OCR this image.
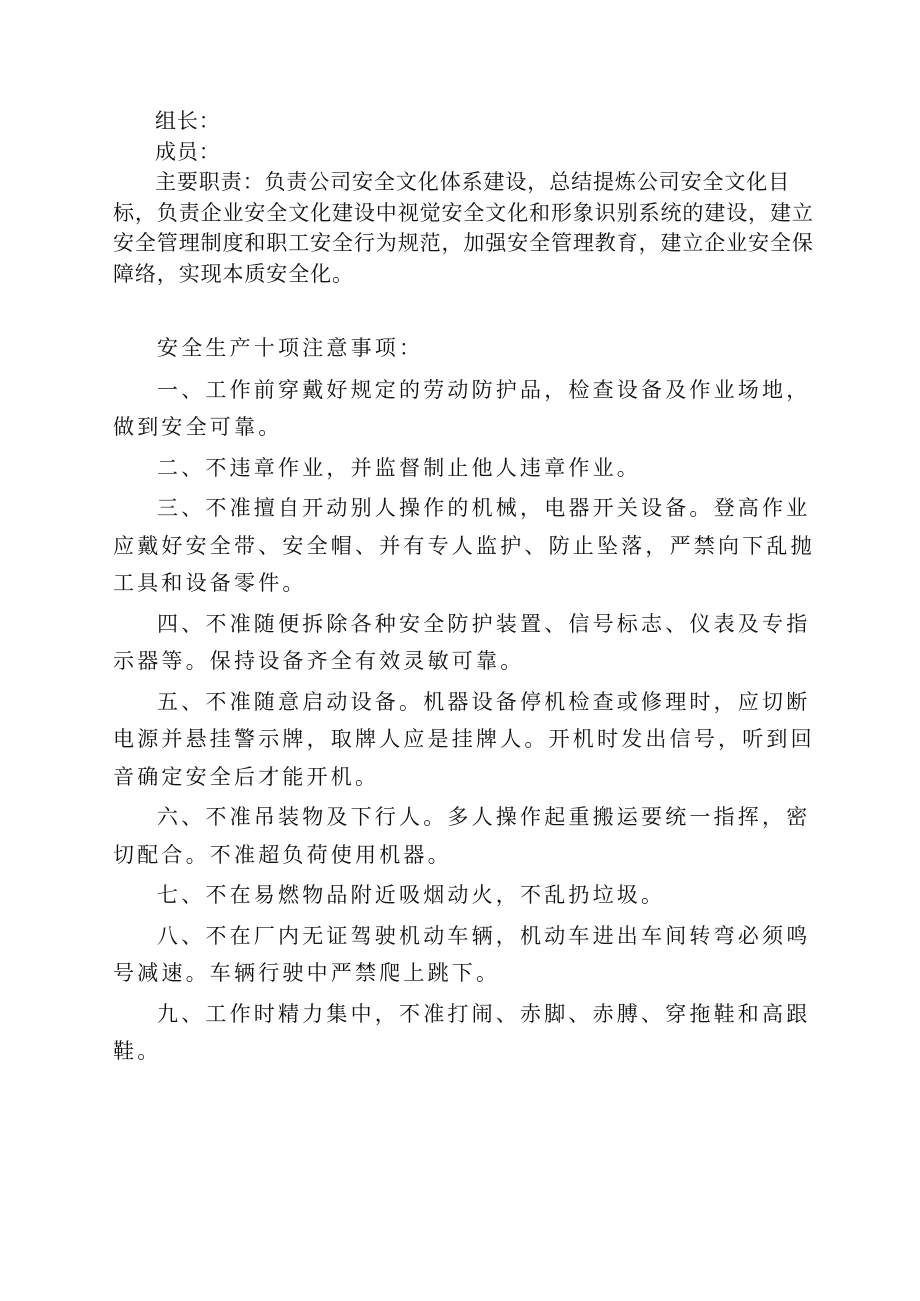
组长：
成员：

主要职责：负责公司安全文化体系建设，总结提炼公司安全文化目标，负责企业安全文化建设中视觉安全文化和形象识别系统的建设，建立安全管理制度和职工安全行为规范，加强安全管理教育，建立企业安全保障络，实现本质安全化。

安全生产十项注意事项：

一、工作前穿戴好规定的劳动防护品，检查设备及作业场地，做到安全可靠。

二、不违章作业，并监督制止他人违章作业。

三、不准擅自开动别人操作的机械，电器开关设备。登高作业应戴好安全带、安全帽、并有专人监护、防止坠落，严禁向下乱抛工具和设备零件。

四、不准随便拆除各种安全防护装置、信号标志、仪表及专指示器等。保持设备齐全有效灵敏可靠。

五、不准随意启动设备。机器设备停机检查或修理时，应切断电源并悬挂警示牌，取牌人应是挂牌人。开机时发出信号，听到回音确定安全后才能开机。

六、不准吊装物及下行人。多人操作起重搬运要统一指挥，密切配合。不准超负荷使用机器。

七、不在易燃物品附近吸烟动火，不乱扔垃圾。

八、不在厂内无证驾驶机动车辆，机动车进出车间转弯必须鸣号减速。车辆行驶中严禁爬上跳下。

九、工作时精力集中，不准打闹、赤脚、赤膊、穿拖鞋和高跟鞋。
